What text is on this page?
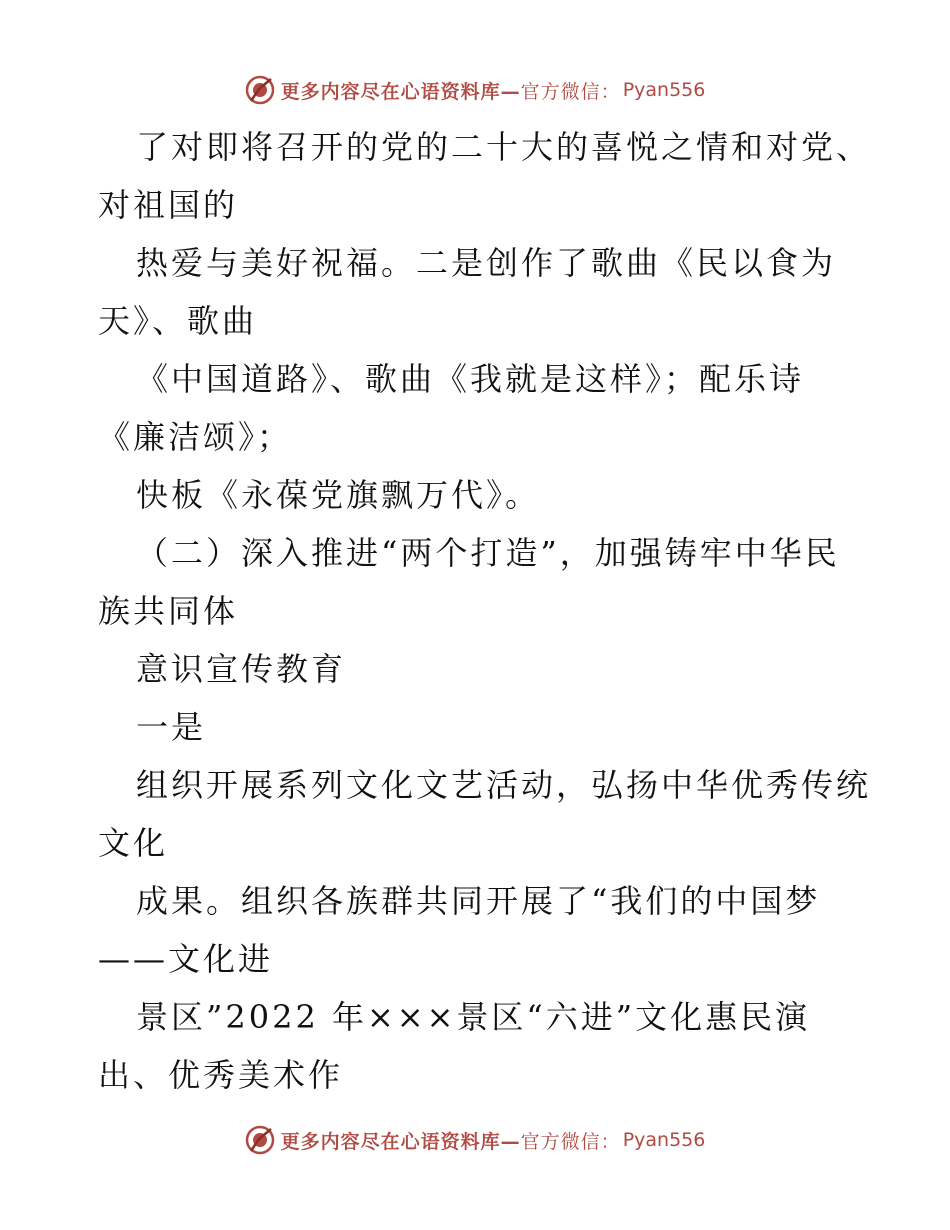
更多内容尽在心语资料库— 官方微信： Pyan556
了对即将召开的党的二十大的喜悦之情和对党、
对祖国的
热爱与美好祝福。二是创作了歌曲《民以食为
天》、歌曲
《中国道路》、歌曲《我就是这样》；配乐诗
《廉洁颂》；
快板《永葆党旗飘万代》。
（二）深入推进“两个打造”，加强铸牢中华民
族共同体
意识宣传教育
一是
组织开展系列文化文艺活动，弘扬中华优秀传统
文化
成果。组织各族群共同开展了“我们的中国梦
——文化进
景区”2022 年×××景区“六进”文化惠民演
出、优秀美术作
更多内容尽在心语资料库— 官方微信： Pyan556
